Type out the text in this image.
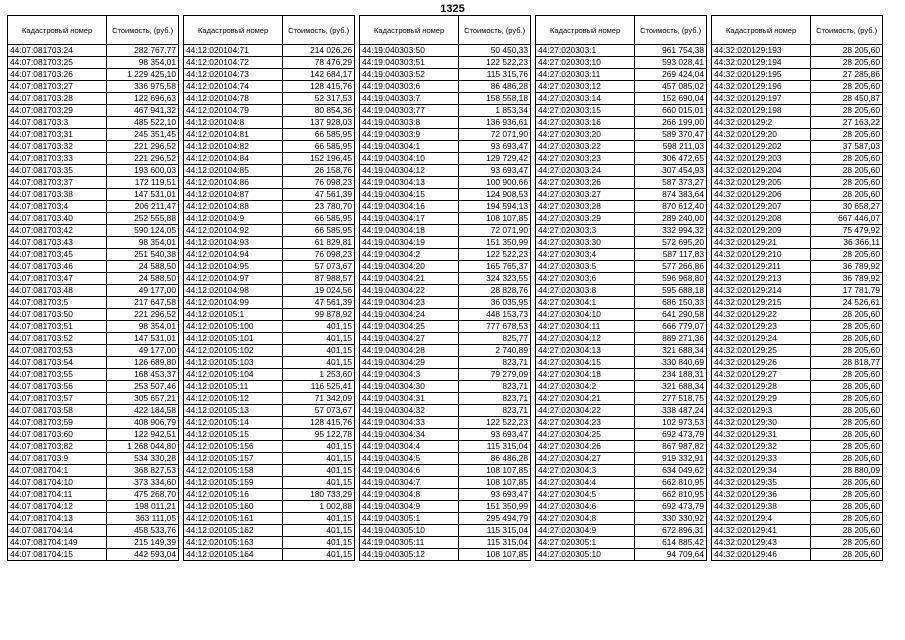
1325
Кадастровый номер	Стоимость, (руб.)
44:07:081703:24	282 767,77
44:07:081703:25	98 354,01
44:07:081703:26	1 229 425,10
44:07:081703:27	336 975,58
44:07:081703:28	122 696,63
44:07:081703:29	467 941,32
44:07:081703:3	485 522,10
44:07:081703:31	245 351,45
44:07:081703:32	221 296,52
44:07:081703:33	221 296,52
44:07:081703:35	193 600,03
44:07:081703:37	172 119,51
44:07:081703:38	147 531,01
44:07:081703:4	206 211,47
44:07:081703:40	252 555,88
44:07:081703:42	590 124,05
44:07:081703:43	98 354,01
44:07:081703:45	251 540,38
44:07:081703:46	24 588,50
44:07:081703:47	24 588,50
44:07:081703:48	49 177,00
44:07:081703:5	217 647,58
44:07:081703:50	221 296,52
44:07:081703:51	98 354,01
44:07:081703:52	147 531,01
44:07:081703:53	49 177,00
44:07:081703:54	126 689,80
44:07:081703:55	168 453,37
44:07:081703:56	253 507,46
44:07:081703:57	305 657,21
44:07:081703:58	422 184,58
44:07:081703:59	408 906,79
44:07:081703:60	122 942,51
44:07:081703:82	1 268 044,80
44:07:081703:9	534 330,28
44:07:081704:1	368 827,53
44:07:081704:10	373 334,60
44:07:081704:11	475 268,70
44:07:081704:12	198 011,21
44:07:081704:13	363 111,05
44:07:081704:14	458 533,76
44:07:081704:149	215 149,39
44:07:081704:15	442 593,04
Кадастровый номер	Стоимость, (руб.)
44:12:020104:71	214 026,26
44:12:020104:72	78 476,29
44:12:020104:73	142 684,17
44:12:020104:74	128 415,76
44:12:020104:78	52 317,53
44:12:020104:79	80 854,36
44:12:020104:8	137 928,03
44:12:020104:81	66 585,95
44:12:020104:82	66 585,95
44:12:020104:84	152 196,45
44:12:020104:85	26 158,76
44:12:020104:86	76 098,23
44:12:020104:87	47 561,39
44:12:020104:88	23 780,70
44:12:020104:9	66 585,95
44:12:020104:92	66 585,95
44:12:020104:93	61 829,81
44:12:020104:94	76 098,23
44:12:020104:95	57 073,67
44:12:020104:97	87 988,57
44:12:020104:98	19 024,56
44:12:020104:99	47 561,39
44:12:020105:1	99 878,92
44:12:020105:100	401,15
44:12:020105:101	401,15
44:12:020105:102	401,15
44:12:020105:103	401,15
44:12:020105:104	1 253,60
44:12:020105:11	116 525,41
44:12:020105:12	71 342,09
44:12:020105:13	57 073,67
44:12:020105:14	128 415,76
44:12:020105:15	95 122,78
44:12:020105:156	401,15
44:12:020105:157	401,15
44:12:020105:158	401,15
44:12:020105:159	401,15
44:12:020105:16	180 733,29
44:12:020105:160	1 002,88
44:12:020105:161	401,15
44:12:020105:162	401,15
44:12:020105:163	401,15
44:12:020105:164	401,15
Кадастровый номер	Стоимость, (руб.)
44:19:040303:50	50 450,33
44:19:040303:51	122 522,23
44:19:040303:52	115 315,76
44:19:040303:6	86 486,28
44:19:040303:7	158 558,18
44:19:040303:77	1 853,34
44:19:040303:8	136 936,61
44:19:040303:9	72 071,90
44:19:040304:1	93 693,47
44:19:040304:10	129 729,42
44:19:040304:12	93 693,47
44:19:040304:13	100 900,66
44:19:040304:15	124 908,53
44:19:040304:16	194 594,13
44:19:040304:17	108 107,85
44:19:040304:18	72 071,90
44:19:040304:19	151 350,99
44:19:040304:2	122 522,23
44:19:040304:20	165 765,37
44:19:040304:21	324 323,55
44:19:040304:22	28 828,76
44:19:040304:23	36 035,95
44:19:040304:24	448 153,73
44:19:040304:25	777 678,53
44:19:040304:27	825,77
44:19:040304:28	2 740,89
44:19:040304:29	823,71
44:19:040304:3	79 279,09
44:19:040304:30	823,71
44:19:040304:31	823,71
44:19:040304:32	823,71
44:19:040304:33	122 522,23
44:19:040304:34	93 693,47
44:19:040304:4	115 315,04
44:19:040304:5	86 486,28
44:19:040304:6	108 107,85
44:19:040304:7	108 107,85
44:19:040304:8	93 693,47
44:19:040304:9	151 350,99
44:19:040305:1	295 494,79
44:19:040305:10	115 315,04
44:19:040305:11	115 315,04
44:19:040305:12	108 107,85
Кадастровый номер	Стоимость, (руб.)
44:27:020303:1	961 754,38
44:27:020303:10	593 028,41
44:27:020303:11	269 424,04
44:27:020303:12	457 085,02
44:27:020303:14	152 690,04
44:27:020303:15	660 015,01
44:27:020303:16	266 199,00
44:27:020303:20	589 370,47
44:27:020303:22	598 211,03
44:27:020303:23	306 472,65
44:27:020303:24	307 454,93
44:27:020303:26	587 373,27
44:27:020303:27	874 383,64
44:27:020303:28	870 612,40
44:27:020303:29	289 240,00
44:27:020303:3	332 994,32
44:27:020303:30	572 695,20
44:27:020303:4	587 117,83
44:27:020303:5	577 266,86
44:27:020303:6	596 968,80
44:27:020303:8	595 688,18
44:27:020304:1	686 150,33
44:27:020304:10	641 290,58
44:27:020304:11	666 779,07
44:27:020304:12	889 271,36
44:27:020304:13	321 688,34
44:27:020304:15	330 840,69
44:27:020304:18	234 188,31
44:27:020304:2	321 688,34
44:27:020304:21	277 518,75
44:27:020304:22	338 487,24
44:27:020304:23	102 973,53
44:27:020304:25	692 473,79
44:27:020304:26	867 987,82
44:27:020304:27	919 332,91
44:27:020304:3	634 049,62
44:27:020304:4	662 810,95
44:27:020304:5	662 810,95
44:27:020304:6	692 473,79
44:27:020304:8	330 330,92
44:27:020304:9	672 896,31
44:27:020305:1	614 885,42
44:27:020305:10	94 709,64
Кадастровый номер	Стоимость, (руб.)
44:32:020129:193	28 205,60
44:32:020129:194	28 205,60
44:32:020129:195	27 285,86
44:32:020129:196	28 205,60
44:32:020129:197	28 450,87
44:32:020129:198	28 205,60
44:32:020129:2	27 163,22
44:32:020129:20	28 205,60
44:32:020129:202	37 587,03
44:32:020129:203	28 205,60
44:32:020129:204	28 205,60
44:32:020129:205	28 205,60
44:32:020129:206	28 205,60
44:32:020129:207	30 658,27
44:32:020129:208	667 446,07
44:32:020129:209	75 479,92
44:32:020129:21	36 366,11
44:32:020129:210	28 205,60
44:32:020129:211	36 789,92
44:32:020129:213	36 789,92
44:32:020129:214	17 781,79
44:32:020129:215	24 526,61
44:32:020129:22	28 205,60
44:32:020129:23	28 205,60
44:32:020129:24	28 205,60
44:32:020129:25	28 205,60
44:32:020129:26	28 818,77
44:32:020129:27	28 205,60
44:32:020129:28	28 205,60
44:32:020129:29	28 205,60
44:32:020129:3	28 205,60
44:32:020129:30	28 205,60
44:32:020129:31	28 205,60
44:32:020129:32	28 205,60
44:32:020129:33	28 205,60
44:32:020129:34	28 880,09
44:32:020129:35	28 205,60
44:32:020129:36	28 205,60
44:32:020129:38	28 205,60
44:32:020129:4	28 205,60
44:32:020129:41	28 205,60
44:32:020129:43	28 205,60
44:32:020129:46	28 205,60
